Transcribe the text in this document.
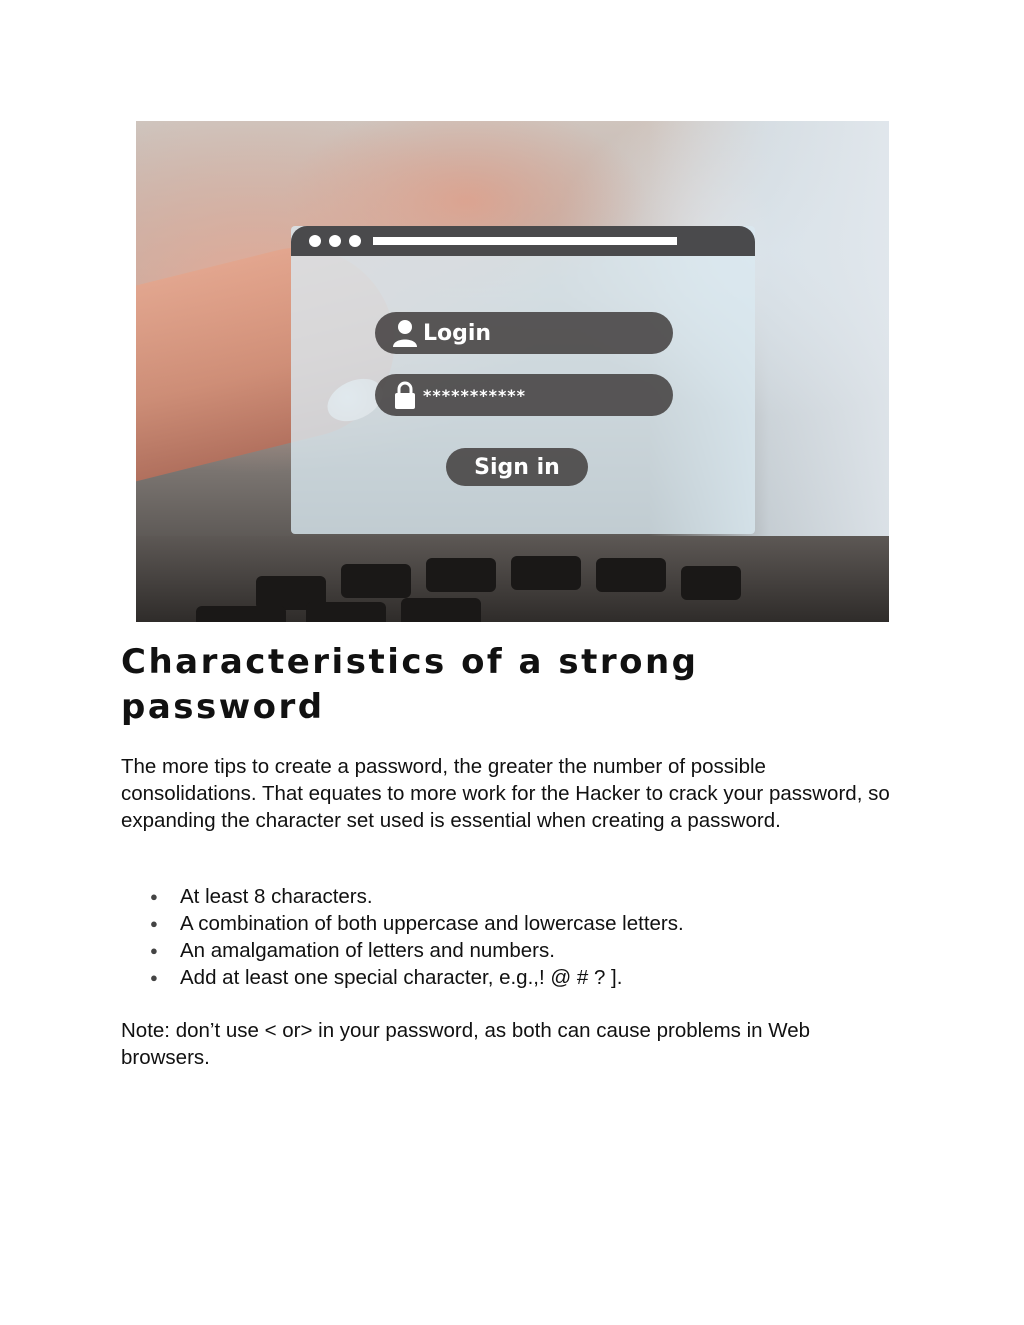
Login
***********
Sign in
Characteristics of a strong password

The more tips to create a password, the greater the number of possible consolidations. That equates to more work for the Hacker to crack your password, so expanding the character set used is essential when creating a password.

●	At least 8 characters.
●	A combination of both uppercase and lowercase letters.
●	An amalgamation of letters and numbers.
●	Add at least one special character, e.g.,! @ # ? ].

Note: don’t use < or> in your password, as both can cause problems in Web browsers.
